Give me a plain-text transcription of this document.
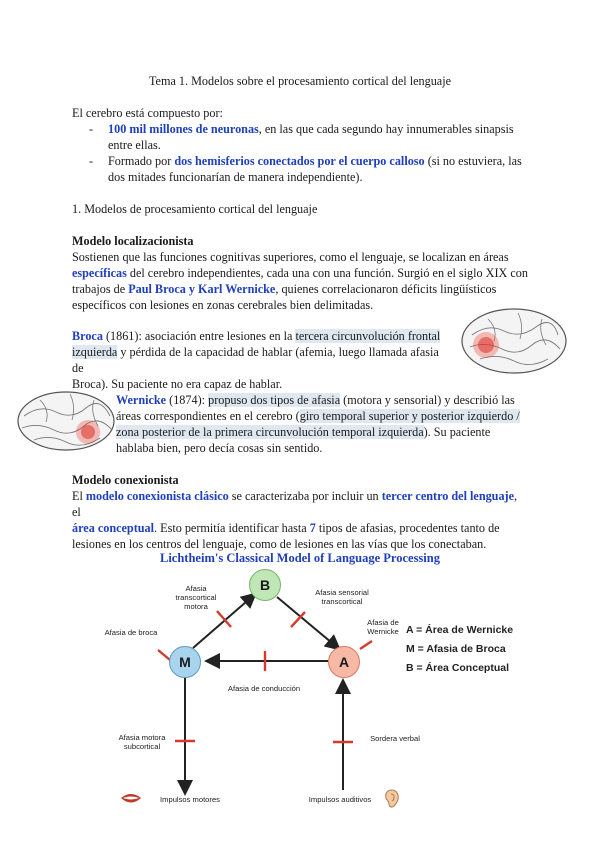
Tema 1. Modelos sobre el procesamiento cortical del lenguaje
El cerebro está compuesto por:
- 100 mil millones de neuronas, en las que cada segundo hay innumerables sinapsis
entre ellas.
- Formado por dos hemisferios conectados por el cuerpo calloso (si no estuviera, las
dos mitades funcionarían de manera independiente).
1. Modelos de procesamiento cortical del lenguaje
Modelo localizacionista
Sostienen que las funciones cognitivas superiores, como el lenguaje, se localizan en áreas
específicas del cerebro independientes, cada una con una función. Surgió en el siglo XIX con
trabajos de Paul Broca y Karl Wernicke, quienes correlacionaron déficits lingüísticos
específicos con lesiones en zonas cerebrales bien delimitadas.
Broca (1861): asociación entre lesiones en la tercera circunvolución frontal
izquierda y pérdida de la capacidad de hablar (afemia, luego llamada afasia de
Broca). Su paciente no era capaz de hablar.
Wernicke (1874): propuso dos tipos de afasia (motora y sensorial) y describió las
áreas correspondientes en el cerebro (giro temporal superior y posterior izquierdo /
zona posterior de la primera circunvolución temporal izquierda). Su paciente
hablaba bien, pero decía cosas sin sentido.
Modelo conexionista
El modelo conexionista clásico se caracterizaba por incluir un tercer centro del lenguaje, el
área conceptual. Esto permitía identificar hasta 7 tipos de afasias, procedentes tanto de
lesiones en los centros del lenguaje, como de lesiones en las vías que los conectaban.
Lichtheim's Classical Model of Language Processing
B
M	A
Afasia
transcortical
motora
Afasia sensorial
transcortical
Afasia de broca
Afasia de
Wernicke
Afasia de conducción
Afasia motora
subcortical
Sordera verbal
Impulsos motores	Impulsos auditivos
A = Área de Wernicke
M = Afasia de Broca
B = Área Conceptual
